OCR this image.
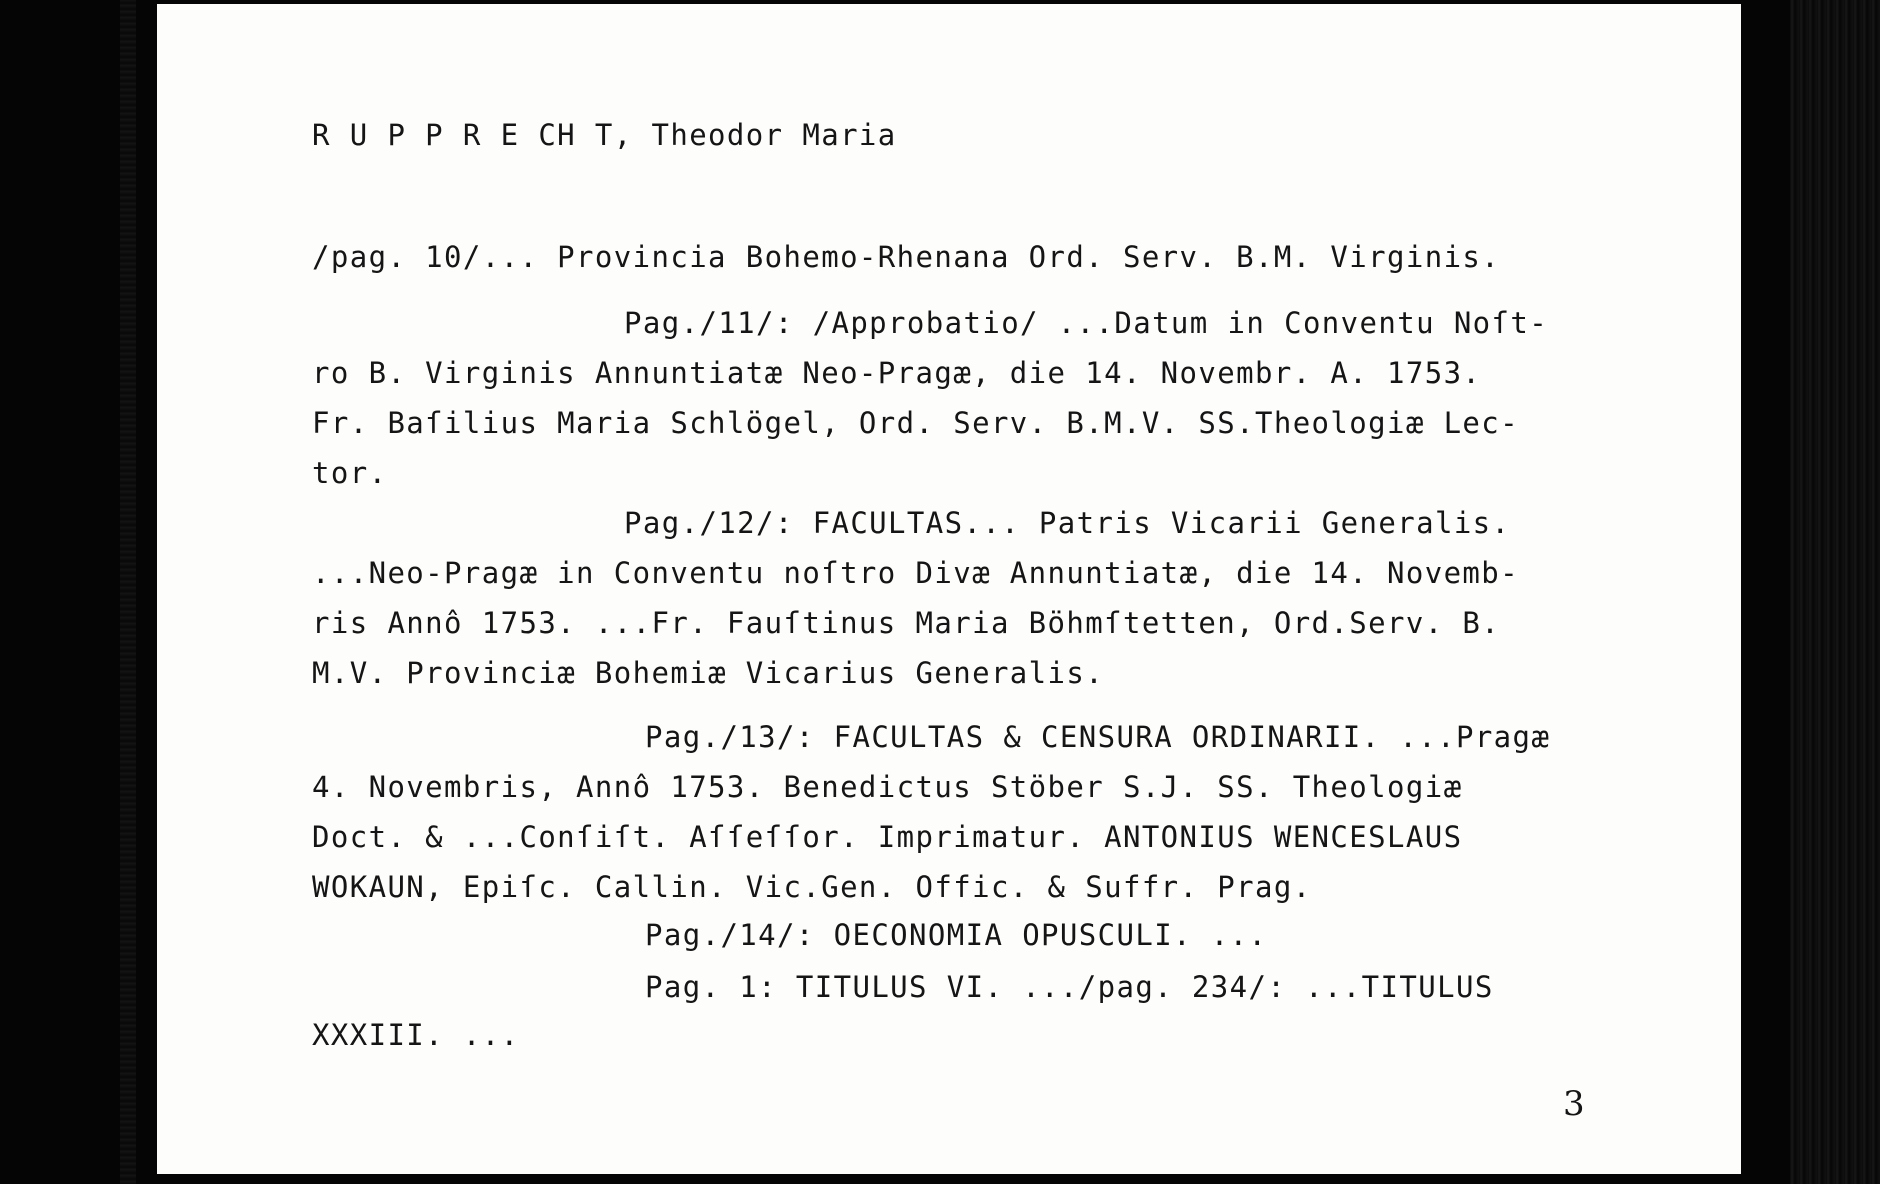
R U P P R E CH T, Theodor Maria

/pag. 10/... Provincia Bohemo-Rhenana Ord. Serv. B.M. Virginis.

Pag./11/: /Approbatio/ ...Datum in Conventu Noſt-

ro B. Virginis Annuntiatæ Neo-Pragæ, die 14. Novembr. A. 1753.

Fr. Baſilius Maria Schlögel, Ord. Serv. B.M.V. SS.Theologiæ Lec-

tor.

Pag./12/: FACULTAS... Patris Vicarii Generalis.

...Neo-Pragæ in Conventu noſtro Divæ Annuntiatæ, die 14. Novemb-

ris Annô 1753. ...Fr. Fauſtinus Maria Böhmſtetten, Ord.Serv. B.

M.V. Provinciæ Bohemiæ Vicarius Generalis.

Pag./13/: FACULTAS & CENSURA ORDINARII. ...Pragæ

4. Novembris, Annô 1753. Benedictus Stöber S.J. SS. Theologiæ

Doct. & ...Conſiſt. Aſſeſſor. Imprimatur. ANTONIUS WENCESLAUS

WOKAUN, Epiſc. Callin. Vic.Gen. Offic. & Suffr. Prag.

Pag./14/: OECONOMIA OPUSCULI. ...

Pag. 1: TITULUS VI. .../pag. 234/: ...TITULUS

XXXIII. ...

3
